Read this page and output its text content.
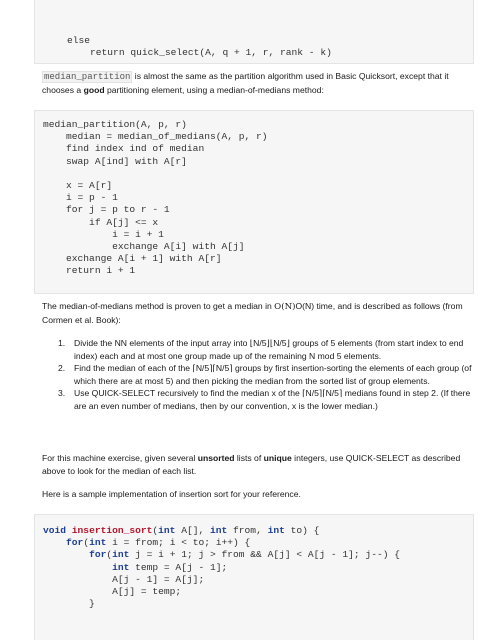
else
return quick_select(A, q + 1, r, rank - k)
median_partition is almost the same as the partition algorithm used in Basic Quicksort, except that it chooses a good partitioning element, using a median-of-medians method:
median_partition(A, p, r)
median = median_of_medians(A, p, r)
find index ind of median
swap A[ind] with A[r]
x = A[r]
i = p - 1
for j = p to r - 1
if A[j] <= x
i = i + 1
exchange A[i] with A[j]
exchange A[i + 1] with A[r]
return i + 1
The median-of-medians method is proven to get a median in O(N)O(N) time, and is described as follows (from Cormen et al. Book):
1. Divide the NN elements of the input array into ⌊N/5⌋⌊N/5⌋ groups of 5 elements (from start index to end index) each and at most one group made up of the remaining N mod 5 elements.
2. Find the median of each of the ⌈N/5⌉⌈N/5⌉ groups by first insertion-sorting the elements of each group (of which there are at most 5) and then picking the median from the sorted list of group elements.
3. Use QUICK-SELECT recursively to find the median x of the ⌈N/5⌉⌈N/5⌉ medians found in step 2. (If there are an even number of medians, then by our convention, x is the lower median.)
For this machine exercise, given several unsorted lists of unique integers, use QUICK-SELECT as described above to look for the median of each list.
Here is a sample implementation of insertion sort for your reference.
void insertion_sort(int A[], int from, int to) {
for(int i = from; i < to; i++) {
for(int j = i + 1; j > from && A[j] < A[j - 1]; j--) {
int temp = A[j - 1];
A[j - 1] = A[j];
A[j] = temp;
}
